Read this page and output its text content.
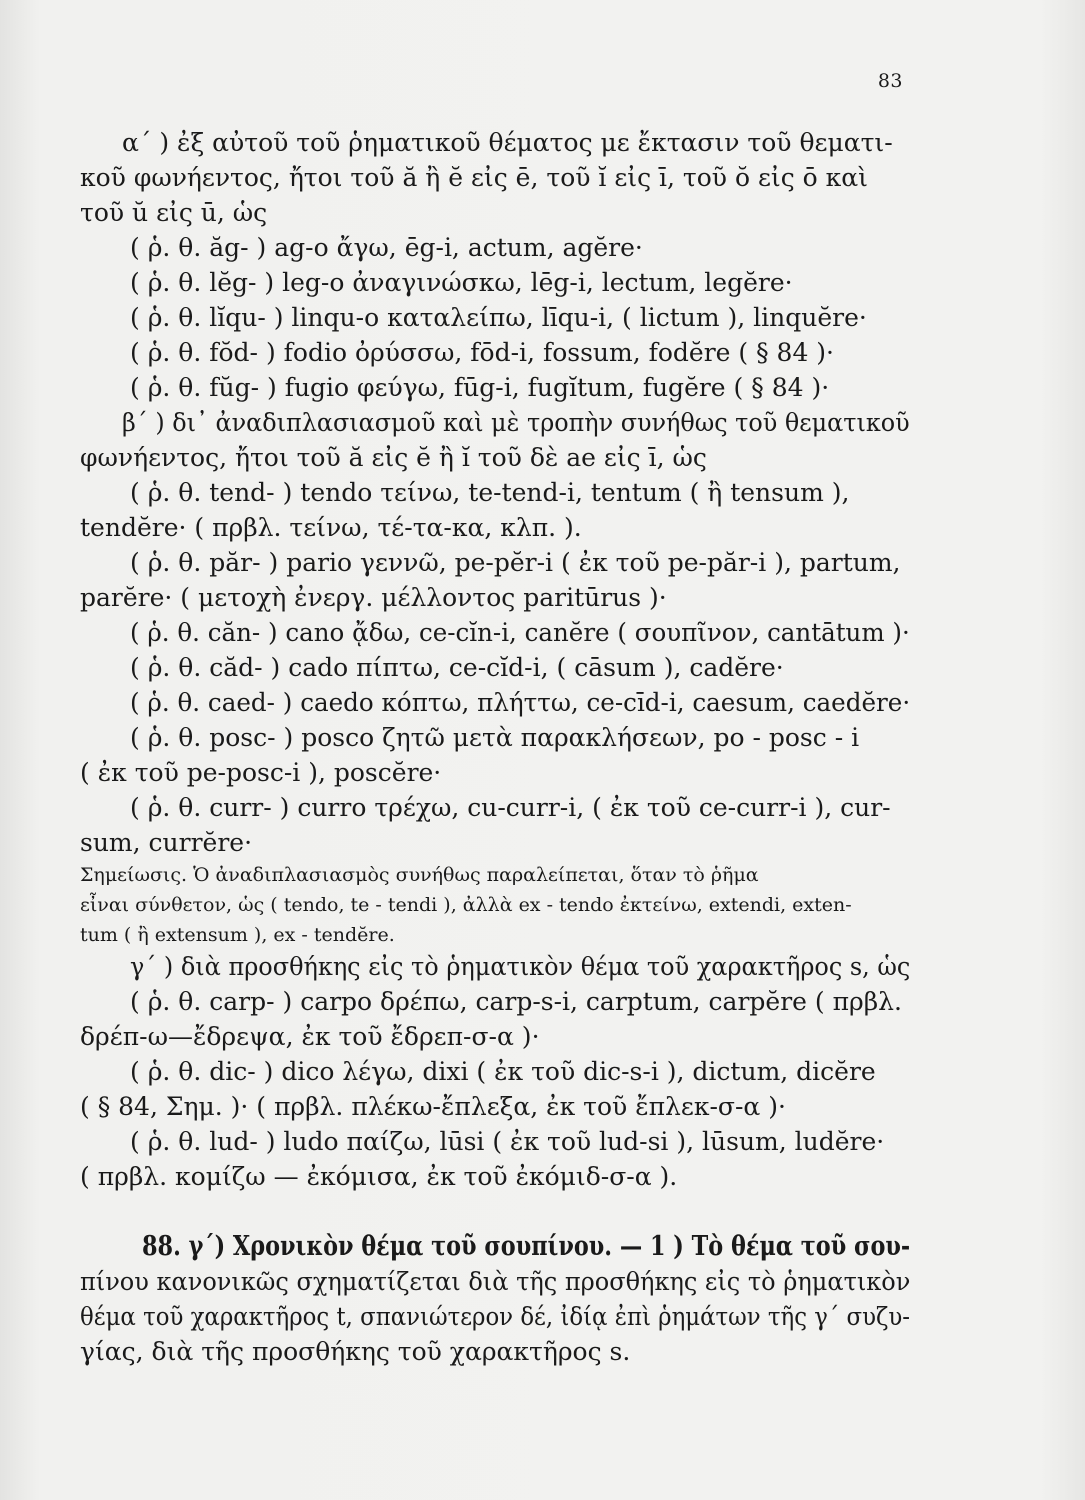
83
α΄ ) ἐξ αὐτοῦ τοῦ ῥηματικοῦ θέματος με ἔκτασιν τοῦ θεματι-
κοῦ φωνήεντος, ἤτοι τοῦ ă ἢ ĕ εἰς ē, τοῦ ĭ εἰς ī, τοῦ ŏ εἰς ō καὶ
τοῦ ŭ εἰς ū, ὡς
( ῥ. θ. ăg- ) ag-o ἄγω, ēg-i, actum, agĕre·
( ῥ. θ. lĕg- ) leg-o ἀναγινώσκω, lēg-i, lectum, legĕre·
( ῥ. θ. lĭqu- ) linqu-o καταλείπω, līqu-i, ( lictum ), linquĕre·
( ῥ. θ. fŏd- ) fodio ὀρύσσω, fōd-i, fossum, fodĕre ( § 84 )·
( ῥ. θ. fŭg- ) fugio φεύγω, fūg-i, fugĭtum, fugĕre ( § 84 )·
β΄ ) δι᾿ ἀναδιπλασιασμοῦ καὶ μὲ τροπὴν συνήθως τοῦ θεματικοῦ
φωνήεντος, ἤτοι τοῦ ă εἰς ĕ ἢ ĭ τοῦ δὲ ae εἰς ī, ὡς
( ῥ. θ. tend- ) tendo τείνω, te-tend-i, tentum ( ἢ tensum ),
tendĕre· ( πρβλ. τείνω, τέ-τα-κα, κλπ. ).
( ῥ. θ. păr- ) pario γεννῶ, pe-pĕr-i ( ἐκ τοῦ pe-păr-i ), partum,
parĕre· ( μετοχὴ ἐνεργ. μέλλοντος paritūrus )·
( ῥ. θ. căn- ) cano ᾄδω, ce-cĭn-i, canĕre ( σουπῖνον, cantātum )·
( ῥ. θ. căd- ) cado πίπτω, ce-cĭd-i, ( cāsum ), cadĕre·
( ῥ. θ. caed- ) caedo κόπτω, πλήττω, ce-cīd-i, caesum, caedĕre·
( ῥ. θ. posc- ) posco ζητῶ μετὰ παρακλήσεων, po - posc - i
( ἐκ τοῦ pe-posc-i ), poscĕre·
( ῥ. θ. curr- ) curro τρέχω, cu-curr-i, ( ἐκ τοῦ ce-curr-i ), cur-
sum, currĕre·
Σημείωσις. Ὁ ἀναδιπλασιασμὸς συνήθως παραλείπεται, ὅταν τὸ ῥῆμα
εἶναι σύνθετον, ὡς ( tendo, te - tendi ), ἀλλὰ ex - tendo ἐκτείνω, extendi, exten-
tum ( ἢ extensum ), ex - tendĕre.
γ΄ ) διὰ προσθήκης εἰς τὸ ῥηματικὸν θέμα τοῦ χαρακτῆρος s, ὡς
( ῥ. θ. carp- ) carpo δρέπω, carp-s-i, carptum, carpĕre ( πρβλ.
δρέπ-ω—ἔδρεψα, ἐκ τοῦ ἔδρεπ-σ-α )·
( ῥ. θ. dic- ) dico λέγω, dixi ( ἐκ τοῦ dic-s-i ), dictum, dicĕre
( § 84, Σημ. )· ( πρβλ. πλέκω-ἔπλεξα, ἐκ τοῦ ἔπλεκ-σ-α )·
( ῥ. θ. lud- ) ludo παίζω, lūsi ( ἐκ τοῦ lud-si ), lūsum, ludĕre·
( πρβλ. κομίζω — ἐκόμισα, ἐκ τοῦ ἐκόμιδ-σ-α ).
88. γ΄) Χρονικὸν θέμα τοῦ σουπίνου. — 1 ) Τὸ θέμα τοῦ σου-
πίνου κανονικῶς σχηματίζεται διὰ τῆς προσθήκης εἰς τὸ ῥηματικὸν
θέμα τοῦ χαρακτῆρος t, σπανιώτερον δέ, ἰδίᾳ ἐπὶ ῥημάτων τῆς γ΄ συζυ-
γίας, διὰ τῆς προσθήκης τοῦ χαρακτῆρος s.
